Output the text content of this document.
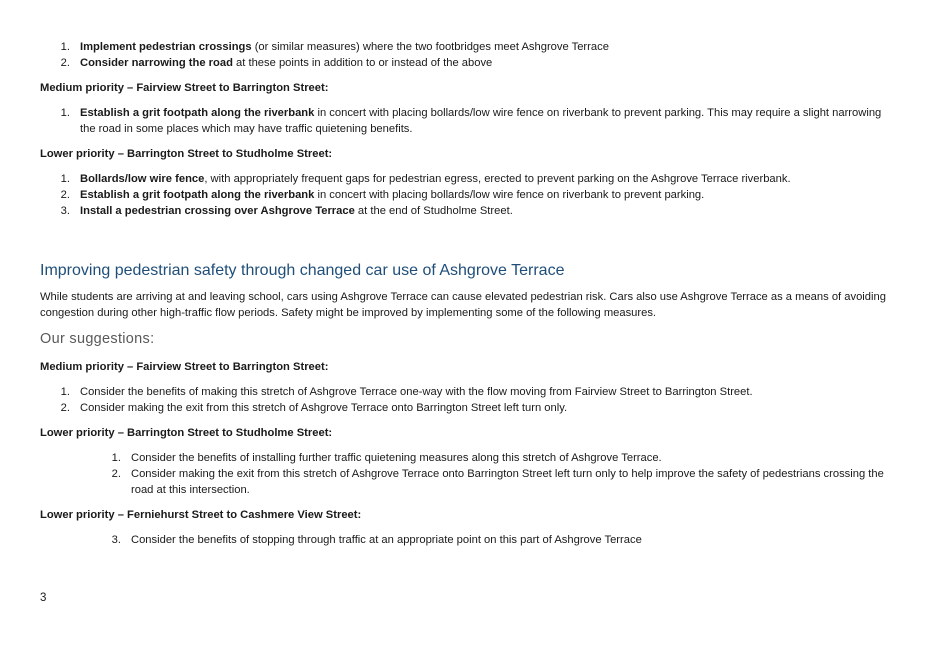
1. Implement pedestrian crossings (or similar measures) where the two footbridges meet Ashgrove Terrace
2. Consider narrowing the road at these points in addition to or instead of the above
Medium priority – Fairview Street to Barrington Street:
1. Establish a grit footpath along the riverbank in concert with placing bollards/low wire fence on riverbank to prevent parking. This may require a slight narrowing
the road in some places which may have traffic quietening benefits.
Lower priority – Barrington Street to Studholme Street:
1. Bollards/low wire fence, with appropriately frequent gaps for pedestrian egress, erected to prevent parking on the Ashgrove Terrace riverbank.
2. Establish a grit footpath along the riverbank in concert with placing bollards/low wire fence on riverbank to prevent parking.
3. Install a pedestrian crossing over Ashgrove Terrace at the end of Studholme Street.
Improving pedestrian safety through changed car use of Ashgrove Terrace
While students are arriving at and leaving school, cars using Ashgrove Terrace can cause elevated pedestrian risk. Cars also use Ashgrove Terrace as a means of avoiding
congestion during other high-traffic flow periods. Safety might be improved by implementing some of the following measures.
Our suggestions:
Medium priority – Fairview Street to Barrington Street:
1. Consider the benefits of making this stretch of Ashgrove Terrace one-way with the flow moving from Fairview Street to Barrington Street.
2. Consider making the exit from this stretch of Ashgrove Terrace onto Barrington Street left turn only.
Lower priority – Barrington Street to Studholme Street:
1. Consider the benefits of installing further traffic quietening measures along this stretch of Ashgrove Terrace.
2. Consider making the exit from this stretch of Ashgrove Terrace onto Barrington Street left turn only to help improve the safety of pedestrians crossing the
road at this intersection.
Lower priority – Ferniehurst Street to Cashmere View Street:
3. Consider the benefits of stopping through traffic at an appropriate point on this part of Ashgrove Terrace
3
